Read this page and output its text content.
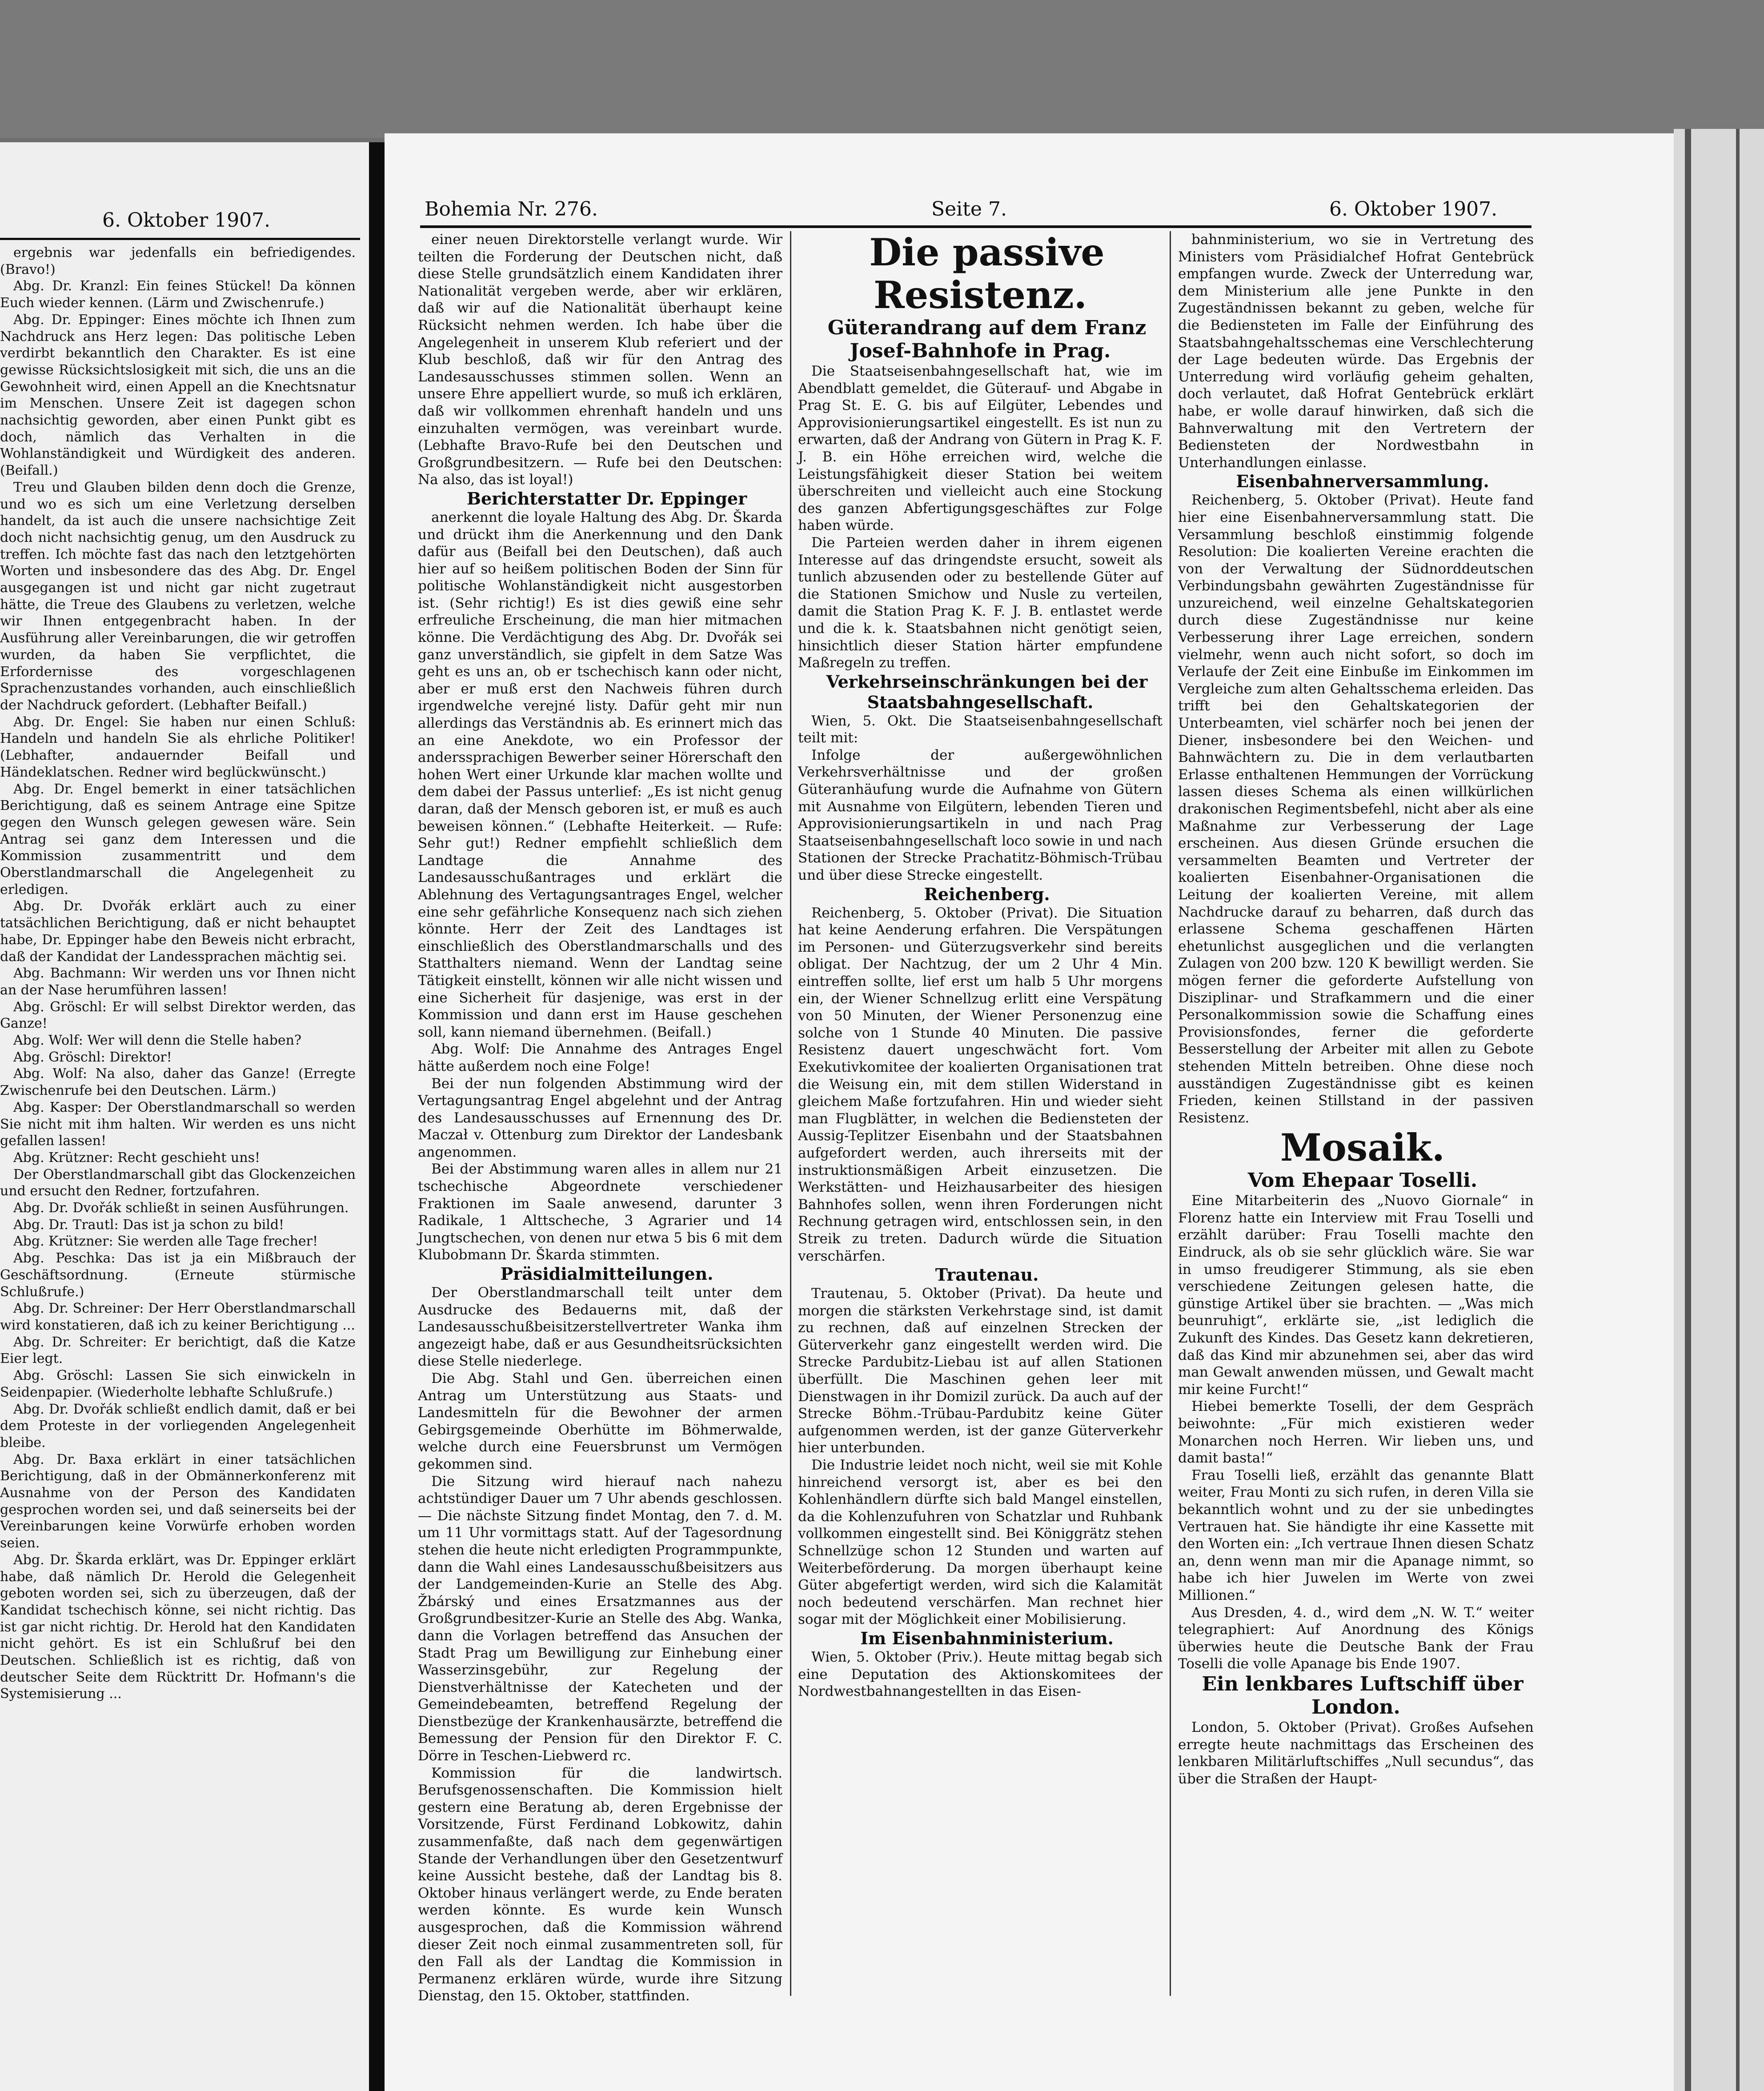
6. Oktober 1907.

ergebnis war jedenfalls ein befriedigendes. (Bravo!)

Abg. Dr. Kranzl: Ein feines Stückel! Da können Euch wieder kennen. (Lärm und Zwischenrufe.)

Abg. Dr. Eppinger: Eines möchte ich Ihnen zum Nachdruck ans Herz legen: Das politische Leben verdirbt bekanntlich den Charakter. Es ist eine gewisse Rücksichtslosigkeit mit sich, die uns an die Gewohnheit wird, einen Appell an die Knechtsnatur im Menschen. Unsere Zeit ist dagegen schon nachsichtig geworden, aber einen Punkt gibt es doch, nämlich das Verhalten in die Wohlanständigkeit und Würdigkeit des anderen. (Beifall.)

Treu und Glauben bilden denn doch die Grenze, und wo es sich um eine Verletzung derselben handelt, da ist auch die unsere nachsichtige Zeit doch nicht nachsichtig genug, um den Ausdruck zu treffen. Ich möchte fast das nach den letztgehörten Worten und insbesondere das des Abg. Dr. Engel ausgegangen ist und nicht gar nicht zugetraut hätte, die Treue des Glaubens zu verletzen, welche wir Ihnen entgegenbracht haben. In der Ausführung aller Vereinbarungen, die wir getroffen wurden, da haben Sie verpflichtet, die Erfordernisse des vorgeschlagenen Sprachenzustandes vorhanden, auch einschließlich der Nachdruck gefordert. (Lebhafter Beifall.)

Abg. Dr. Engel: Sie haben nur einen Schluß: Handeln und handeln Sie als ehrliche Politiker! (Lebhafter, andauernder Beifall und Händeklatschen. Redner wird beglückwünscht.)

Abg. Dr. Engel bemerkt in einer tatsächlichen Berichtigung, daß es seinem Antrage eine Spitze gegen den Wunsch gelegen gewesen wäre. Sein Antrag sei ganz dem Interessen und die Kommission zusammentritt und dem Oberstlandmarschall die Angelegenheit zu erledigen.

Abg. Dr. Dvořák erklärt auch zu einer tatsächlichen Berichtigung, daß er nicht behauptet habe, Dr. Eppinger habe den Beweis nicht erbracht, daß der Kandidat der Landessprachen mächtig sei.

Abg. Bachmann: Wir werden uns vor Ihnen nicht an der Nase herumführen lassen!

Abg. Gröschl: Er will selbst Direktor werden, das Ganze!

Abg. Wolf: Wer will denn die Stelle haben?

Abg. Gröschl: Direktor!

Abg. Wolf: Na also, daher das Ganze! (Erregte Zwischenrufe bei den Deutschen. Lärm.)

Abg. Kasper: Der Oberstlandmarschall so werden Sie nicht mit ihm halten. Wir werden es uns nicht gefallen lassen!

Abg. Krützner: Recht geschieht uns!

Der Oberstlandmarschall gibt das Glockenzeichen und ersucht den Redner, fortzufahren.

Abg. Dr. Dvořák schließt in seinen Ausführungen.

Abg. Dr. Trautl: Das ist ja schon zu bild!

Abg. Krützner: Sie werden alle Tage frecher!

Abg. Peschka: Das ist ja ein Mißbrauch der Geschäftsordnung. (Erneute stürmische Schlußrufe.)

Abg. Dr. Schreiner: Der Herr Oberstlandmarschall wird konstatieren, daß ich zu keiner Berichtigung ...

Abg. Dr. Schreiter: Er berichtigt, daß die Katze Eier legt.

Abg. Gröschl: Lassen Sie sich einwickeln in Seidenpapier. (Wiederholte lebhafte Schlußrufe.)

Abg. Dr. Dvořák schließt endlich damit, daß er bei dem Proteste in der vorliegenden Angelegenheit bleibe.

Abg. Dr. Baxa erklärt in einer tatsächlichen Berichtigung, daß in der Obmännerkonferenz mit Ausnahme von der Person des Kandidaten gesprochen worden sei, und daß seinerseits bei der Vereinbarungen keine Vorwürfe erhoben worden seien.

Abg. Dr. Škarda erklärt, was Dr. Eppinger erklärt habe, daß nämlich Dr. Herold die Gelegenheit geboten worden sei, sich zu überzeugen, daß der Kandidat tschechisch könne, sei nicht richtig. Das ist gar nicht richtig. Dr. Herold hat den Kandidaten nicht gehört. Es ist ein Schlußruf bei den Deutschen. Schließlich ist es richtig, daß von deutscher Seite dem Rücktritt Dr. Hofmann's die Systemisierung ...

Bohemia Nr. 276.	Seite 7.	6. Oktober 1907.

einer neuen Direktorstelle verlangt wurde. Wir teilten die Forderung der Deutschen nicht, daß diese Stelle grundsätzlich einem Kandidaten ihrer Nationalität vergeben werde, aber wir erklären, daß wir auf die Nationalität überhaupt keine Rücksicht nehmen werden. Ich habe über die Angelegenheit in unserem Klub referiert und der Klub beschloß, daß wir für den Antrag des Landesausschusses stimmen sollen. Wenn an unsere Ehre appelliert wurde, so muß ich erklären, daß wir vollkommen ehrenhaft handeln und uns einzuhalten vermögen, was vereinbart wurde. (Lebhafte Bravo-Rufe bei den Deutschen und Großgrundbesitzern. — Rufe bei den Deutschen: Na also, das ist loyal!)

Berichterstatter Dr. Eppinger

anerkennt die loyale Haltung des Abg. Dr. Škarda und drückt ihm die Anerkennung und den Dank dafür aus (Beifall bei den Deutschen), daß auch hier auf so heißem politischen Boden der Sinn für politische Wohlanständigkeit nicht ausgestorben ist. (Sehr richtig!) Es ist dies gewiß eine sehr erfreuliche Erscheinung, die man hier mitmachen könne. Die Verdächtigung des Abg. Dr. Dvořák sei ganz unverständlich, sie gipfelt in dem Satze Was geht es uns an, ob er tschechisch kann oder nicht, aber er muß erst den Nachweis führen durch irgendwelche verejné listy. Dafür geht mir nun allerdings das Verständnis ab. Es erinnert mich das an eine Anekdote, wo ein Professor der anderssprachigen Bewerber seiner Hörerschaft den hohen Wert einer Urkunde klar machen wollte und dem dabei der Passus unterlief: „Es ist nicht genug daran, daß der Mensch geboren ist, er muß es auch beweisen können.“ (Lebhafte Heiterkeit. — Rufe: Sehr gut!) Redner empfiehlt schließlich dem Landtage die Annahme des Landesausschußantrages und erklärt die Ablehnung des Vertagungsantrages Engel, welcher eine sehr gefährliche Konsequenz nach sich ziehen könnte. Herr der Zeit des Landtages ist einschließlich des Oberstlandmarschalls und des Statthalters niemand. Wenn der Landtag seine Tätigkeit einstellt, können wir alle nicht wissen und eine Sicherheit für dasjenige, was erst in der Kommission und dann erst im Hause geschehen soll, kann niemand übernehmen. (Beifall.)

Abg. Wolf: Die Annahme des Antrages Engel hätte außerdem noch eine Folge!

Bei der nun folgenden Abstimmung wird der Vertagungsantrag Engel abgelehnt und der Antrag des Landesausschusses auf Ernennung des Dr. Maczał v. Ottenburg zum Direktor der Landesbank angenommen.

Bei der Abstimmung waren alles in allem nur 21 tschechische Abgeordnete verschiedener Fraktionen im Saale anwesend, darunter 3 Radikale, 1 Alttscheche, 3 Agrarier und 14 Jungtschechen, von denen nur etwa 5 bis 6 mit dem Klubobmann Dr. Škarda stimmten.

Präsidialmitteilungen.

Der Oberstlandmarschall teilt unter dem Ausdrucke des Bedauerns mit, daß der Landesausschußbeisitzerstellvertreter Wanka ihm angezeigt habe, daß er aus Gesundheitsrücksichten diese Stelle niederlege.

Die Abg. Stahl und Gen. überreichen einen Antrag um Unterstützung aus Staats- und Landesmitteln für die Bewohner der armen Gebirgsgemeinde Oberhütte im Böhmerwalde, welche durch eine Feuersbrunst um Vermögen gekommen sind.

Die Sitzung wird hierauf nach nahezu achtstündiger Dauer um 7 Uhr abends geschlossen. — Die nächste Sitzung findet Montag, den 7. d. M. um 11 Uhr vormittags statt. Auf der Tagesordnung stehen die heute nicht erledigten Programmpunkte, dann die Wahl eines Landesausschußbeisitzers aus der Landgemeinden-Kurie an Stelle des Abg. Žbárský und eines Ersatzmannes aus der Großgrundbesitzer-Kurie an Stelle des Abg. Wanka, dann die Vorlagen betreffend das Ansuchen der Stadt Prag um Bewilligung zur Einhebung einer Wasserzinsgebühr, zur Regelung der Dienstverhältnisse der Katecheten und der Gemeindebeamten, betreffend Regelung der Dienstbezüge der Krankenhausärzte, betreffend die Bemessung der Pension für den Direktor F. C. Dörre in Teschen-Liebwerd rc.

Kommission für die landwirtsch. Berufsgenossenschaften. Die Kommission hielt gestern eine Beratung ab, deren Ergebnisse der Vorsitzende, Fürst Ferdinand Lobkowitz, dahin zusammenfaßte, daß nach dem gegenwärtigen Stande der Verhandlungen über den Gesetzentwurf keine Aussicht bestehe, daß der Landtag bis 8. Oktober hinaus verlängert werde, zu Ende beraten werden könnte. Es wurde kein Wunsch ausgesprochen, daß die Kommission während dieser Zeit noch einmal zusammentreten soll, für den Fall als der Landtag die Kommission in Permanenz erklären würde, wurde ihre Sitzung Dienstag, den 15. Oktober, stattfinden.

Die passive Resistenz.

Güterandrang auf dem Franz Josef-Bahnhofe in Prag.

Die Staatseisenbahngesellschaft hat, wie im Abendblatt gemeldet, die Güterauf- und Abgabe in Prag St. E. G. bis auf Eilgüter, Lebendes und Approvisionierungsartikel eingestellt. Es ist nun zu erwarten, daß der Andrang von Gütern in Prag K. F. J. B. ein Höhe erreichen wird, welche die Leistungsfähigkeit dieser Station bei weitem überschreiten und vielleicht auch eine Stockung des ganzen Abfertigungsgeschäftes zur Folge haben würde.

Die Parteien werden daher in ihrem eigenen Interesse auf das dringendste ersucht, soweit als tunlich abzusenden oder zu bestellende Güter auf die Stationen Smichow und Nusle zu verteilen, damit die Station Prag K. F. J. B. entlastet werde und die k. k. Staatsbahnen nicht genötigt seien, hinsichtlich dieser Station härter empfundene Maßregeln zu treffen.

Verkehrseinschränkungen bei der Staatsbahngesellschaft.

Wien, 5. Okt. Die Staatseisenbahngesellschaft teilt mit:

Infolge der außergewöhnlichen Verkehrsverhältnisse und der großen Güteranhäufung wurde die Aufnahme von Gütern mit Ausnahme von Eilgütern, lebenden Tieren und Approvisionierungsartikeln in und nach Prag Staatseisenbahngesellschaft loco sowie in und nach Stationen der Strecke Prachatitz-Böhmisch-Trübau und über diese Strecke eingestellt.

Reichenberg.

Reichenberg, 5. Oktober (Privat). Die Situation hat keine Aenderung erfahren. Die Verspätungen im Personen- und Güterzugsverkehr sind bereits obligat. Der Nachtzug, der um 2 Uhr 4 Min. eintreffen sollte, lief erst um halb 5 Uhr morgens ein, der Wiener Schnellzug erlitt eine Verspätung von 50 Minuten, der Wiener Personenzug eine solche von 1 Stunde 40 Minuten. Die passive Resistenz dauert ungeschwächt fort. Vom Exekutivkomitee der koalierten Organisationen trat die Weisung ein, mit dem stillen Widerstand in gleichem Maße fortzufahren. Hin und wieder sieht man Flugblätter, in welchen die Bediensteten der Aussig-Teplitzer Eisenbahn und der Staatsbahnen aufgefordert werden, auch ihrerseits mit der instruktionsmäßigen Arbeit einzusetzen. Die Werkstätten- und Heizhausarbeiter des hiesigen Bahnhofes sollen, wenn ihren Forderungen nicht Rechnung getragen wird, entschlossen sein, in den Streik zu treten. Dadurch würde die Situation verschärfen.

Trautenau.

Trautenau, 5. Oktober (Privat). Da heute und morgen die stärksten Verkehrstage sind, ist damit zu rechnen, daß auf einzelnen Strecken der Güterverkehr ganz eingestellt werden wird. Die Strecke Pardubitz-Liebau ist auf allen Stationen überfüllt. Die Maschinen gehen leer mit Dienstwagen in ihr Domizil zurück. Da auch auf der Strecke Böhm.-Trübau-Pardubitz keine Güter aufgenommen werden, ist der ganze Güterverkehr hier unterbunden.

Die Industrie leidet noch nicht, weil sie mit Kohle hinreichend versorgt ist, aber es bei den Kohlenhändlern dürfte sich bald Mangel einstellen, da die Kohlenzufuhren von Schatzlar und Ruhbank vollkommen eingestellt sind. Bei Königgrätz stehen Schnellzüge schon 12 Stunden und warten auf Weiterbeförderung. Da morgen überhaupt keine Güter abgefertigt werden, wird sich die Kalamität noch bedeutend verschärfen. Man rechnet hier sogar mit der Möglichkeit einer Mobilisierung.

Im Eisenbahnministerium.

Wien, 5. Oktober (Priv.). Heute mittag begab sich eine Deputation des Aktionskomitees der Nordwestbahnangestellten in das Eisen-

bahnministerium, wo sie in Vertretung des Ministers vom Präsidialchef Hofrat Gentebrück empfangen wurde. Zweck der Unterredung war, dem Ministerium alle jene Punkte in den Zugeständnissen bekannt zu geben, welche für die Bediensteten im Falle der Einführung des Staatsbahngehaltsschemas eine Verschlechterung der Lage bedeuten würde. Das Ergebnis der Unterredung wird vorläufig geheim gehalten, doch verlautet, daß Hofrat Gentebrück erklärt habe, er wolle darauf hinwirken, daß sich die Bahnverwaltung mit den Vertretern der Bediensteten der Nordwestbahn in Unterhandlungen einlasse.

Eisenbahnerversammlung.

Reichenberg, 5. Oktober (Privat). Heute fand hier eine Eisenbahnerversammlung statt. Die Versammlung beschloß einstimmig folgende Resolution: Die koalierten Vereine erachten die von der Verwaltung der Südnorddeutschen Verbindungsbahn gewährten Zugeständnisse für unzureichend, weil einzelne Gehaltskategorien durch diese Zugeständnisse nur keine Verbesserung ihrer Lage erreichen, sondern vielmehr, wenn auch nicht sofort, so doch im Verlaufe der Zeit eine Einbuße im Einkommen im Vergleiche zum alten Gehaltsschema erleiden. Das trifft bei den Gehaltskategorien der Unterbeamten, viel schärfer noch bei jenen der Diener, insbesondere bei den Weichen- und Bahnwächtern zu. Die in dem verlautbarten Erlasse enthaltenen Hemmungen der Vorrückung lassen dieses Schema als einen willkürlichen drakonischen Regimentsbefehl, nicht aber als eine Maßnahme zur Verbesserung der Lage erscheinen. Aus diesen Gründe ersuchen die versammelten Beamten und Vertreter der koalierten Eisenbahner-Organisationen die Leitung der koalierten Vereine, mit allem Nachdrucke darauf zu beharren, daß durch das erlassene Schema geschaffenen Härten ehetunlichst ausgeglichen und die verlangten Zulagen von 200 bzw. 120 K bewilligt werden. Sie mögen ferner die geforderte Aufstellung von Disziplinar- und Strafkammern und die einer Personalkommission sowie die Schaffung eines Provisionsfondes, ferner die geforderte Besserstellung der Arbeiter mit allen zu Gebote stehenden Mitteln betreiben. Ohne diese noch ausständigen Zugeständnisse gibt es keinen Frieden, keinen Stillstand in der passiven Resistenz.

Mosaik.

Vom Ehepaar Toselli.

Eine Mitarbeiterin des „Nuovo Giornale“ in Florenz hatte ein Interview mit Frau Toselli und erzählt darüber: Frau Toselli machte den Eindruck, als ob sie sehr glücklich wäre. Sie war in umso freudigerer Stimmung, als sie eben verschiedene Zeitungen gelesen hatte, die günstige Artikel über sie brachten. — „Was mich beunruhigt“, erklärte sie, „ist lediglich die Zukunft des Kindes. Das Gesetz kann dekretieren, daß das Kind mir abzunehmen sei, aber das wird man Gewalt anwenden müssen, und Gewalt macht mir keine Furcht!“

Hiebei bemerkte Toselli, der dem Gespräch beiwohnte: „Für mich existieren weder Monarchen noch Herren. Wir lieben uns, und damit basta!“

Frau Toselli ließ, erzählt das genannte Blatt weiter, Frau Monti zu sich rufen, in deren Villa sie bekanntlich wohnt und zu der sie unbedingtes Vertrauen hat. Sie händigte ihr eine Kassette mit den Worten ein: „Ich vertraue Ihnen diesen Schatz an, denn wenn man mir die Apanage nimmt, so habe ich hier Juwelen im Werte von zwei Millionen.“

Aus Dresden, 4. d., wird dem „N. W. T.“ weiter telegraphiert: Auf Anordnung des Königs überwies heute die Deutsche Bank der Frau Toselli die volle Apanage bis Ende 1907.

Ein lenkbares Luftschiff über London.

London, 5. Oktober (Privat). Großes Aufsehen erregte heute nachmittags das Erscheinen des lenkbaren Militärluftschiffes „Null secundus“, das über die Straßen der Haupt-
